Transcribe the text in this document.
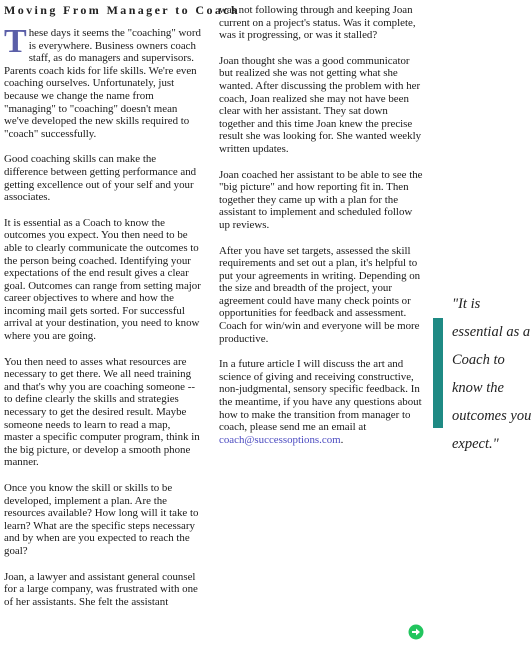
Moving From Manager to Coach

These days it seems the "coaching" word is everywhere. Business owners coach staff, as do managers and supervisors. Parents coach kids for life skills. We're even coaching ourselves. Unfortunately, just because we change the name from "managing" to "coaching" doesn't mean we've developed the new skills required to "coach" successfully.

Good coaching skills can make the difference between getting performance and getting excellence out of your self and your associates.

It is essential as a Coach to know the outcomes you expect. You then need to be able to clearly communicate the outcomes to the person being coached. Identifying your expectations of the end result gives a clear goal. Outcomes can range from setting major career objectives to where and how the incoming mail gets sorted. For successful arrival at your destination, you need to know where you are going.

You then need to asses what resources are necessary to get there. We all need training and that's why you are coaching someone -- to define clearly the skills and strategies necessary to get the desired result. Maybe someone needs to learn to read a map, master a specific computer program, think in the big picture, or develop a smooth phone manner.

Once you know the skill or skills to be developed, implement a plan. Are the resources available? How long will it take to learn? What are the specific steps necessary and by when are you expected to reach the goal?

Joan, a lawyer and assistant general counsel for a large company, was frustrated with one of her assistants. She felt the assistant

was not following through and keeping Joan current on a project's status. Was it complete, was it progressing, or was it stalled?

Joan thought she was a good communicator but realized she was not getting what she wanted. After discussing the problem with her coach, Joan realized she may not have been clear with her assistant. They sat down together and this time Joan knew the precise result she was looking for. She wanted weekly written updates.

Joan coached her assistant to be able to see the "big picture" and how reporting fit in. Then together they came up with a plan for the assistant to implement and scheduled follow up reviews.

After you have set targets, assessed the skill requirements and set out a plan, it's helpful to put your agreements in writing. Depending on the size and breadth of the project, your agreement could have many check points or opportunities for feedback and assessment. Coach for win/win and everyone will be more productive.

In a future article I will discuss the art and science of giving and receiving constructive, non-judgmental, sensory specific feedback. In the meantime, if you have any questions about how to make the transition from manager to coach, please send me an email at coach@successoptions.com.

"It is essential as a Coach to know the outcomes you expect."
